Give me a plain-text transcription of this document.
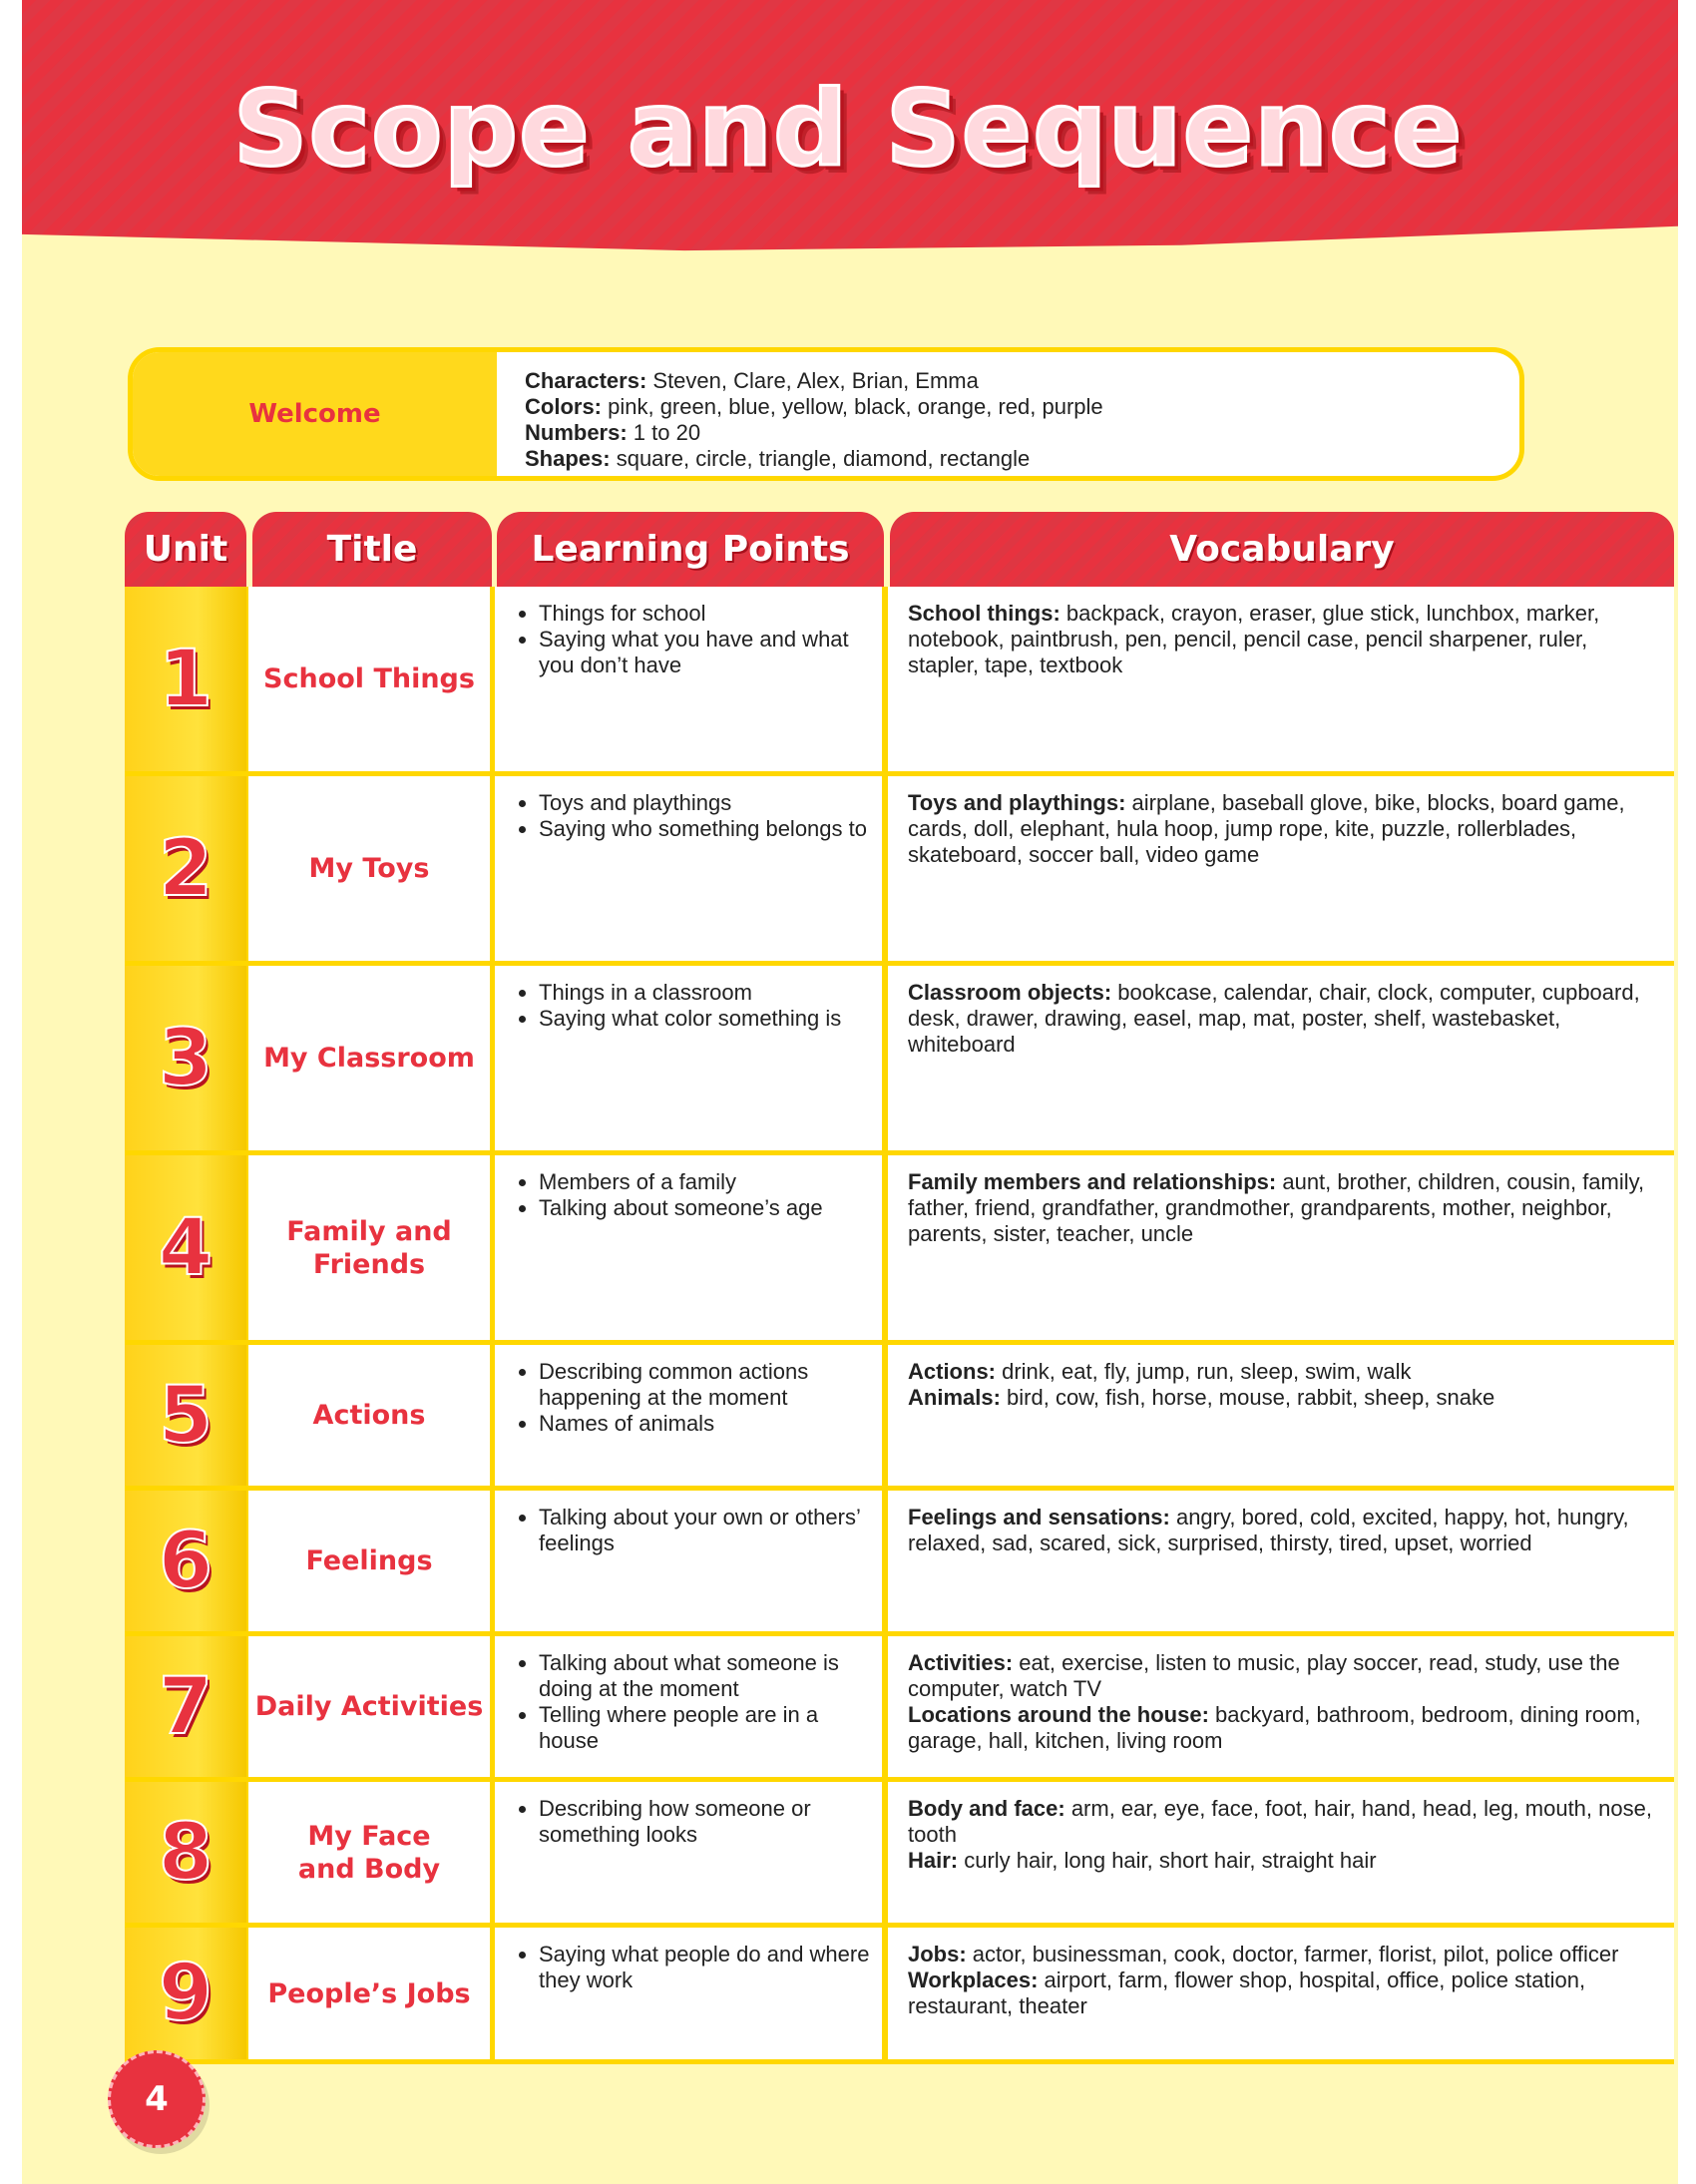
Scope and Sequence
Welcome
Characters: Steven, Clare, Alex, Brian, Emma
Colors: pink, green, blue, yellow, black, orange, red, purple
Numbers: 1 to 20
Shapes: square, circle, triangle, diamond, rectangle
Unit	Title	Learning Points	Vocabulary
1 School Things
• Things for school
• Saying what you have and what you don’t have
School things: backpack, crayon, eraser, glue stick, lunchbox, marker, notebook, paintbrush, pen, pencil, pencil case, pencil sharpener, ruler, stapler, tape, textbook
2	My Toys
• Toys and playthings
• Saying who something belongs to
Toys and playthings: airplane, baseball glove, bike, blocks, board game, cards, doll, elephant, hula hoop, jump rope, kite, puzzle, rollerblades, skateboard, soccer ball, video game
3 My Classroom
• Things in a classroom
• Saying what color something is
Classroom objects: bookcase, calendar, chair, clock, computer, cupboard, desk, drawer, drawing, easel, map, mat, poster, shelf, wastebasket, whiteboard
4	Family and
Friends
• Members of a family
• Talking about someone’s age
Family members and relationships: aunt, brother, children, cousin, family, father, friend, grandfather, grandmother, grandparents, mother, neighbor, parents, sister, teacher, uncle
5	Actions
• Describing common actions happening at the moment
• Names of animals
Actions: drink, eat, fly, jump, run, sleep, swim, walk
Animals: bird, cow, fish, horse, mouse, rabbit, sheep, snake
6	Feelings
• Talking about your own or others’ feelings
Feelings and sensations: angry, bored, cold, excited, happy, hot, hungry, relaxed, sad, scared, sick, surprised, thirsty, tired, upset, worried
7 Daily Activities
• Talking about what someone is doing at the moment
• Telling where people are in a house
Activities: eat, exercise, listen to music, play soccer, read, study, use the computer, watch TV
Locations around the house: backyard, bathroom, bedroom, dining room, garage, hall, kitchen, living room
8	My Face
and Body
• Describing how someone or something looks
Body and face: arm, ear, eye, face, foot, hair, hand, head, leg, mouth, nose, tooth
Hair: curly hair, long hair, short hair, straight hair
9 People’s Jobs
• Saying what people do and where they work
Jobs: actor, businessman, cook, doctor, farmer, florist, pilot, police officer
Workplaces: airport, farm, flower shop, hospital, office, police station, restaurant, theater
4
